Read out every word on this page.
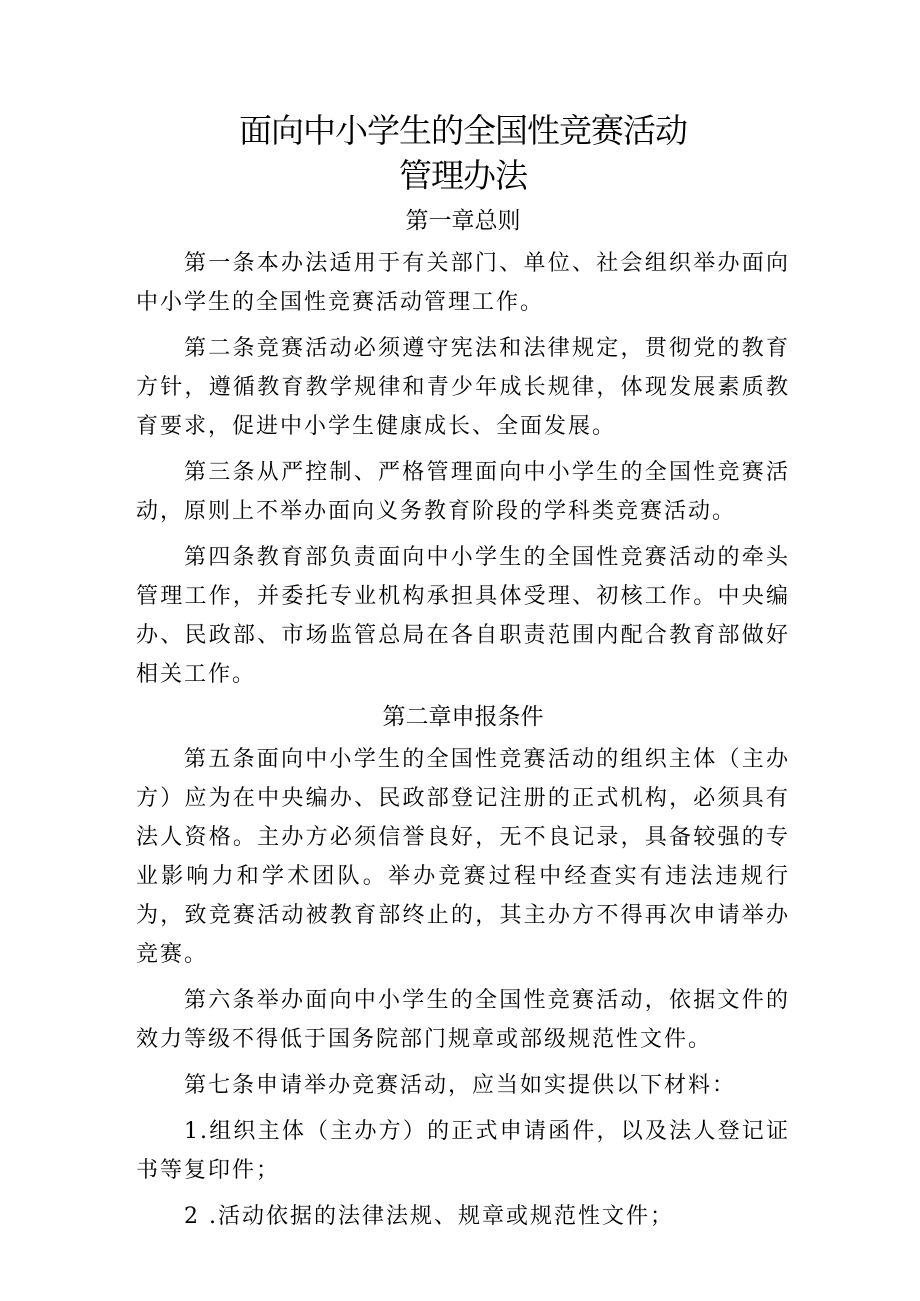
面向中小学生的全国性竞赛活动
管理办法
第一章总则

第一条本办法适用于有关部门、单位、社会组织举办面向中小学生的全国性竞赛活动管理工作。

第二条竞赛活动必须遵守宪法和法律规定，贯彻党的教育方针，遵循教育教学规律和青少年成长规律，体现发展素质教育要求，促进中小学生健康成长、全面发展。

第三条从严控制、严格管理面向中小学生的全国性竞赛活动，原则上不举办面向义务教育阶段的学科类竞赛活动。

第四条教育部负责面向中小学生的全国性竞赛活动的牵头管理工作，并委托专业机构承担具体受理、初核工作。中央编办、民政部、市场监管总局在各自职责范围内配合教育部做好相关工作。

第二章申报条件

第五条面向中小学生的全国性竞赛活动的组织主体（主办方）应为在中央编办、民政部登记注册的正式机构，必须具有法人资格。主办方必须信誉良好，无不良记录，具备较强的专业影响力和学术团队。举办竞赛过程中经查实有违法违规行为，致竞赛活动被教育部终止的，其主办方不得再次申请举办竞赛。

第六条举办面向中小学生的全国性竞赛活动，依据文件的效力等级不得低于国务院部门规章或部级规范性文件。

第七条申请举办竞赛活动，应当如实提供以下材料：

1.组织主体（主办方）的正式申请函件，以及法人登记证书等复印件；

2 .活动依据的法律法规、规章或规范性文件；
